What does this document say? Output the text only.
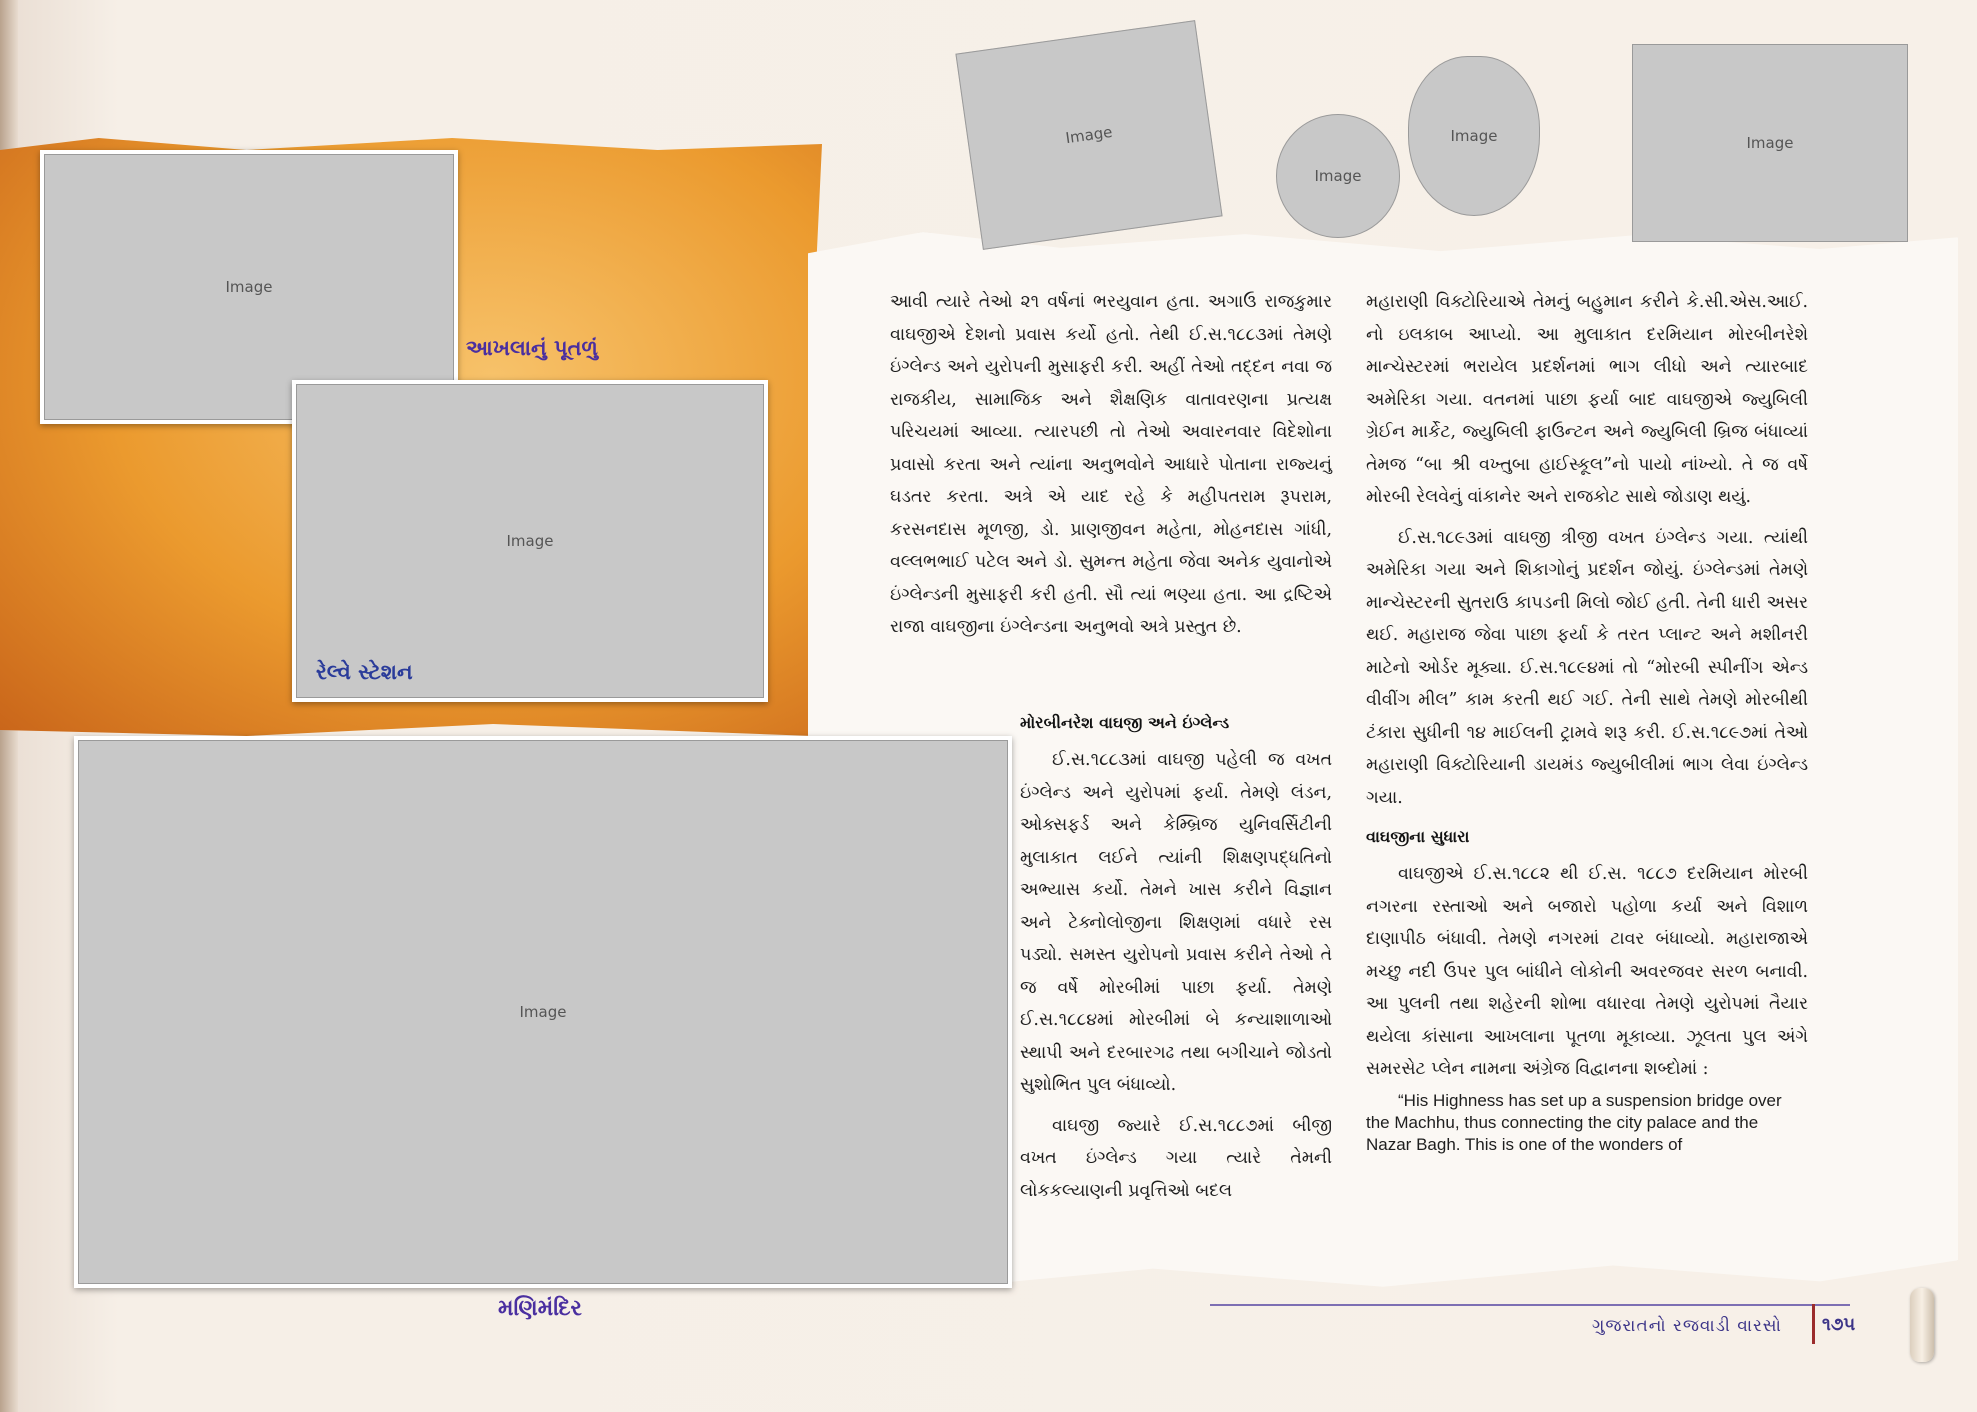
Image
Image
Image	Image
Image
આખલાનું પૂતળું
Image
રેલ્વે સ્ટેશન
Image
મણિમંદિર

આવી ત્યારે તેઓ ૨૧ વર્ષનાં ભરયુવાન હતા. અગાઉ રાજકુમાર વાઘજીએ દેશનો પ્રવાસ કર્યો હતો. તેથી ઈ.સ.૧૮૮૩માં તેમણે ઇંગ્લેન્ડ અને યુરોપની મુસાફરી કરી. અહીં તેઓ તદ્દન નવા જ રાજકીય, સામાજિક અને શૈક્ષણિક વાતાવરણના પ્રત્યક્ષ પરિચયમાં આવ્યા. ત્યારપછી તો તેઓ અવારનવાર વિદેશોના પ્રવાસો કરતા અને ત્યાંના અનુભવોને આધારે પોતાના રાજ્યનું ઘડતર કરતા. અત્રે એ યાદ રહે કે મહીપતરામ રૂપરામ, કરસનદાસ મૂળજી, ડો. પ્રાણજીવન મહેતા, મોહનદાસ ગાંધી, વલ્લભભાઈ પટેલ અને ડો. સુમન્ત મહેતા જેવા અનેક યુવાનોએ ઇંગ્લેન્ડની મુસાફરી કરી હતી. સૌ ત્યાં ભણ્યા હતા. આ દ્રષ્ટિએ રાજા વાઘજીના ઇંગ્લેન્ડના અનુભવો અત્રે પ્રસ્તુત છે.

મોરબીનરેશ વાઘજી અને ઇંગ્લેન્ડ

ઈ.સ.૧૮૮૩માં વાઘજી પહેલી જ વખત ઇંગ્લેન્ડ અને યુરોપમાં ફર્યા. તેમણે લંડન, ઓક્સફર્ડ અને કેમ્બ્રિજ યુનિવર્સિટીની મુલાકાત લઈને ત્યાંની શિક્ષણપદ્ધતિનો અભ્યાસ કર્યો. તેમને ખાસ કરીને વિજ્ઞાન અને ટેક્નોલોજીના શિક્ષણમાં વધારે રસ પડ્યો. સમસ્ત યુરોપનો પ્રવાસ કરીને તેઓ તે જ વર્ષે મોરબીમાં પાછા ફર્યા. તેમણે ઈ.સ.૧૮૮૪માં મોરબીમાં બે કન્યાશાળાઓ સ્થાપી અને દરબારગઢ તથા બગીચાને જોડતો સુશોભિત પુલ બંધાવ્યો.

વાઘજી જ્યારે ઈ.સ.૧૮૮૭માં બીજી વખત ઇંગ્લેન્ડ ગયા ત્યારે તેમની લોકકલ્યાણની પ્રવૃત્તિઓ બદલ

મહારાણી વિક્ટોરિયાએ તેમનું બહુમાન કરીને કે.સી.એસ.આઈ. નો ઇલકાબ આપ્યો. આ મુલાકાત દરમિયાન મોરબીનરેશે માન્ચેસ્ટરમાં ભરાયેલ પ્રદર્શનમાં ભાગ લીધો અને ત્યારબાદ અમેરિકા ગયા. વતનમાં પાછા ફર્યા બાદ વાઘજીએ જ્યુબિલી ગ્રેઈન માર્કેટ, જ્યુબિલી ફાઉન્ટન અને જ્યુબિલી બ્રિજ બંધાવ્યાં તેમજ “બા શ્રી વખ્તુબા હાઈસ્કૂલ”નો પાયો નાંખ્યો. તે જ વર્ષે મોરબી રેલવેનું વાંકાનેર અને રાજકોટ સાથે જોડાણ થયું.

ઈ.સ.૧૮૯૩માં વાઘજી ત્રીજી વખત ઇંગ્લેન્ડ ગયા. ત્યાંથી અમેરિકા ગયા અને શિકાગોનું પ્રદર્શન જોયું. ઇંગ્લેન્ડમાં તેમણે માન્ચેસ્ટરની સુતરાઉ કાપડની મિલો જોઈ હતી. તેની ધારી અસર થઈ. મહારાજ જેવા પાછા ફર્યા કે તરત પ્લાન્ટ અને મશીનરી માટેનો ઓર્ડર મૂક્યા. ઈ.સ.૧૮૯૪માં તો “મોરબી સ્પીનીંગ એન્ડ વીવીંગ મીલ” કામ કરતી થઈ ગઈ. તેની સાથે તેમણે મોરબીથી ટંકારા સુધીની ૧૪ માઈલની ટ્રામવે શરૂ કરી. ઈ.સ.૧૮૯૭માં તેઓ મહારાણી વિક્ટોરિયાની ડાયમંડ જ્યુબીલીમાં ભાગ લેવા ઇંગ્લેન્ડ ગયા.

વાઘજીના સુધારા

વાઘજીએ ઈ.સ.૧૮૮૨ થી ઈ.સ. ૧૮૮૭ દરમિયાન મોરબી નગરના રસ્તાઓ અને બજારો પહોળા કર્યા અને વિશાળ દાણાપીઠ બંધાવી. તેમણે નગરમાં ટાવર બંધાવ્યો. મહારાજાએ મચ્છુ નદી ઉપર પુલ બાંધીને લોકોની અવરજવર સરળ બનાવી. આ પુલની તથા શહેરની શોભા વધારવા તેમણે યુરોપમાં તૈયાર થયેલા કાંસાના આખલાના પૂતળા મૂકાવ્યા. ઝૂલતા પુલ અંગે સમરસેટ પ્લેન નામના અંગ્રેજ વિદ્વાનના શબ્દોમાં :

“His Highness has set up a suspension bridge over the Machhu, thus connecting the city palace and the Nazar Bagh. This is one of the wonders of

ગુજરાતનો રજવાડી વારસો ૧૭૫
